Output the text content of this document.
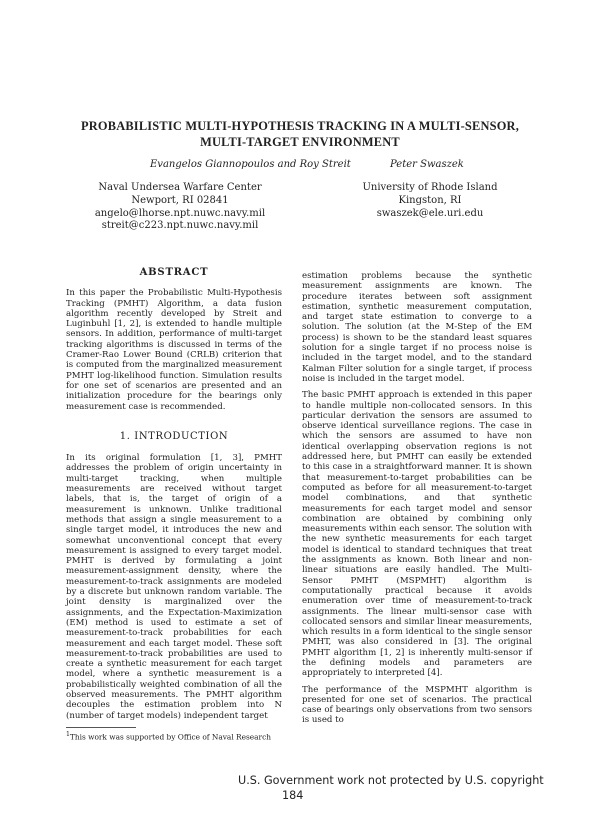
PROBABILISTIC MULTI-HYPOTHESIS TRACKING IN A MULTI-SENSOR, MULTI-TARGET ENVIRONMENT
Evangelos Giannopoulos and Roy Streit	Peter Swaszek
Naval Undersea Warfare Center
Newport, RI 02841
angelo@lhorse.npt.nuwc.navy.mil
streit@c223.npt.nuwc.navy.mil
University of Rhode Island
Kingston, RI
swaszek@ele.uri.edu
ABSTRACT

In this paper the Probabilistic Multi-Hypothesis Tracking (PMHT) Algorithm, a data fusion algorithm recently developed by Streit and Luginbuhl [1, 2], is extended to handle multiple sensors. In addition, performance of multi-target tracking algorithms is discussed in terms of the Cramer-Rao Lower Bound (CRLB) criterion that is computed from the marginalized measurement PMHT log-likelihood function. Simulation results for one set of scenarios are presented and an initialization procedure for the bearings only measurement case is recommended.

1. INTRODUCTION

In its original formulation [1, 3], PMHT addresses the problem of origin uncertainty in multi-target tracking, when multiple measurements are received without target labels, that is, the target of origin of a measurement is unknown. Unlike traditional methods that assign a single measurement to a single target model, it introduces the new and somewhat unconventional concept that every measurement is assigned to every target model. PMHT is derived by formulating a joint measurement-assignment density, where the measurement-to-track assignments are modeled by a discrete but unknown random variable. The joint density is marginalized over the assignments, and the Expectation-Maximization (EM) method is used to estimate a set of measurement-to-track probabilities for each measurement and each target model. These soft measurement-to-track probabilities are used to create a synthetic measurement for each target model, where a synthetic measurement is a probabilistically weighted combination of all the observed measurements. The PMHT algorithm decouples the estimation problem into N (number of target models) independent target

$^1$This work was supported by Office of Naval Research

estimation problems because the synthetic measurement assignments are known. The procedure iterates between soft assignment estimation, synthetic measurement computation, and target state estimation to converge to a solution. The solution (at the M-Step of the EM process) is shown to be the standard least squares solution for a single target if no process noise is included in the target model, and to the standard Kalman Filter solution for a single target, if process noise is included in the target model.

The basic PMHT approach is extended in this paper to handle multiple non-collocated sensors. In this particular derivation the sensors are assumed to observe identical surveillance regions. The case in which the sensors are assumed to have non identical overlapping observation regions is not addressed here, but PMHT can easily be extended to this case in a straightforward manner. It is shown that measurement-to-target probabilities can be computed as before for all measurement-to-target model combinations, and that synthetic measurements for each target model and sensor combination are obtained by combining only measurements within each sensor. The solution with the new synthetic measurements for each target model is identical to standard techniques that treat the assignments as known. Both linear and non-linear situations are easily handled. The Multi-Sensor PMHT (MSPMHT) algorithm is computationally practical because it avoids enumeration over time of measurement-to-track assignments. The linear multi-sensor case with collocated sensors and similar linear measurements, which results in a form identical to the single sensor PMHT, was also considered in [3]. The original PMHT algorithm [1, 2] is inherently multi-sensor if the defining models and parameters are appropriately to interpreted [4].

The performance of the MSPMHT algorithm is presented for one set of scenarios. The practical case of bearings only observations from two sensors is used to

U.S. Government work not protected by U.S. copyright
184
